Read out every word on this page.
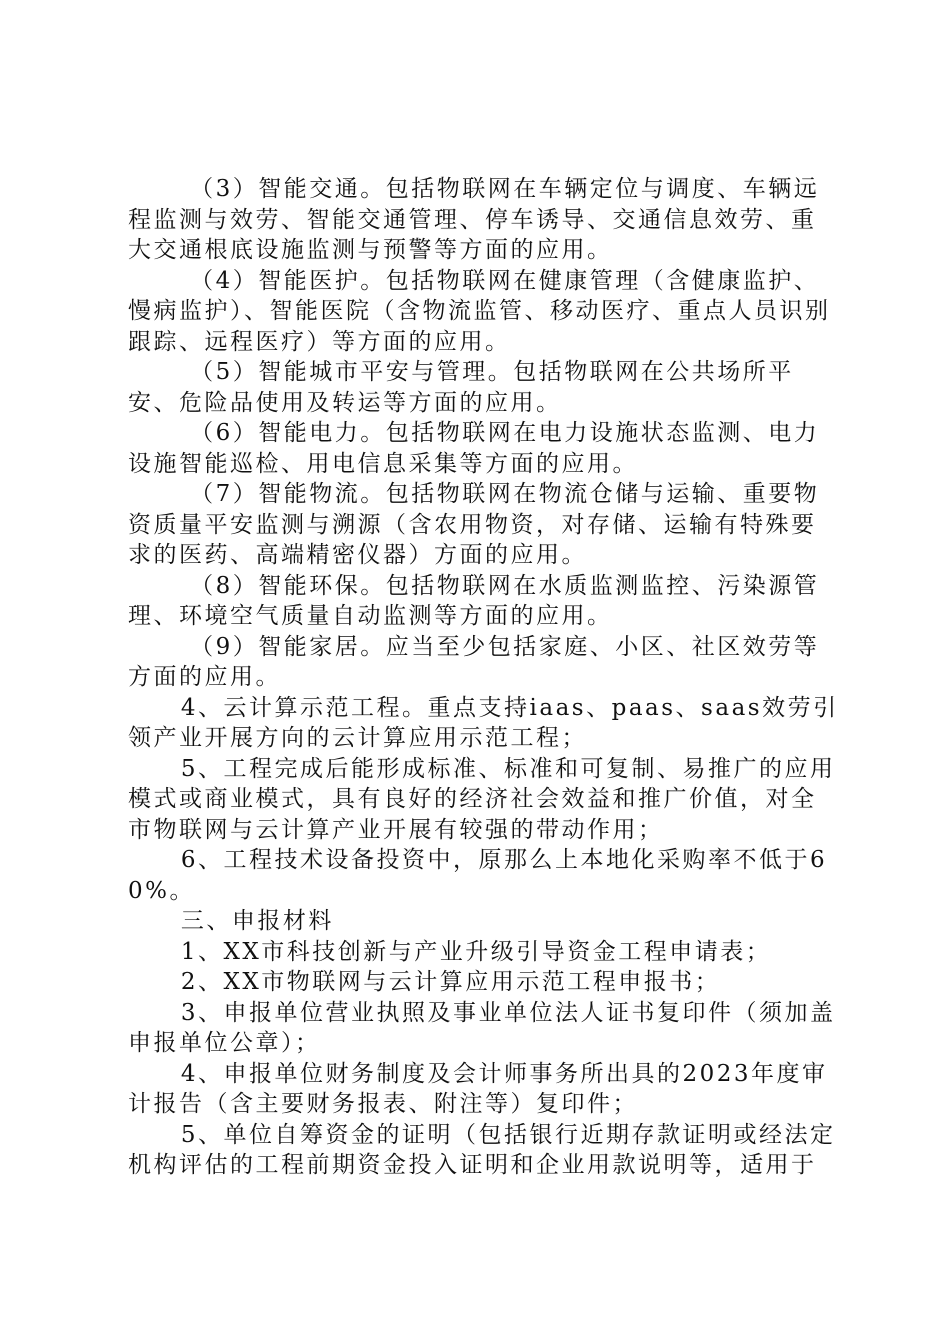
（3）智能交通。包括物联网在车辆定位与调度、车辆远程监测与效劳、智能交通管理、停车诱导、交通信息效劳、重大交通根底设施监测与预警等方面的应用。

（4）智能医护。包括物联网在健康管理（含健康监护、慢病监护）、智能医院（含物流监管、移动医疗、重点人员识别跟踪、远程医疗）等方面的应用。

（5）智能城市平安与管理。包括物联网在公共场所平安、危险品使用及转运等方面的应用。

（6）智能电力。包括物联网在电力设施状态监测、电力设施智能巡检、用电信息采集等方面的应用。

（7）智能物流。包括物联网在物流仓储与运输、重要物资质量平安监测与溯源（含农用物资，对存储、运输有特殊要求的医药、高端精密仪器）方面的应用。

（8）智能环保。包括物联网在水质监测监控、污染源管理、环境空气质量自动监测等方面的应用。

（9）智能家居。应当至少包括家庭、小区、社区效劳等方面的应用。

4、云计算示范工程。重点支持iaas、paas、saas效劳引领产业开展方向的云计算应用示范工程；

5、工程完成后能形成标准、标准和可复制、易推广的应用模式或商业模式，具有良好的经济社会效益和推广价值，对全市物联网与云计算产业开展有较强的带动作用；

6、工程技术设备投资中，原那么上本地化采购率不低于60%。

三、申报材料

1、XX市科技创新与产业升级引导资金工程申请表；

2、XX市物联网与云计算应用示范工程申报书；

3、申报单位营业执照及事业单位法人证书复印件（须加盖申报单位公章）；

4、申报单位财务制度及会计师事务所出具的2023年度审计报告（含主要财务报表、附注等）复印件；

5、单位自筹资金的证明（包括银行近期存款证明或经法定机构评估的工程前期资金投入证明和企业用款说明等，适用于
